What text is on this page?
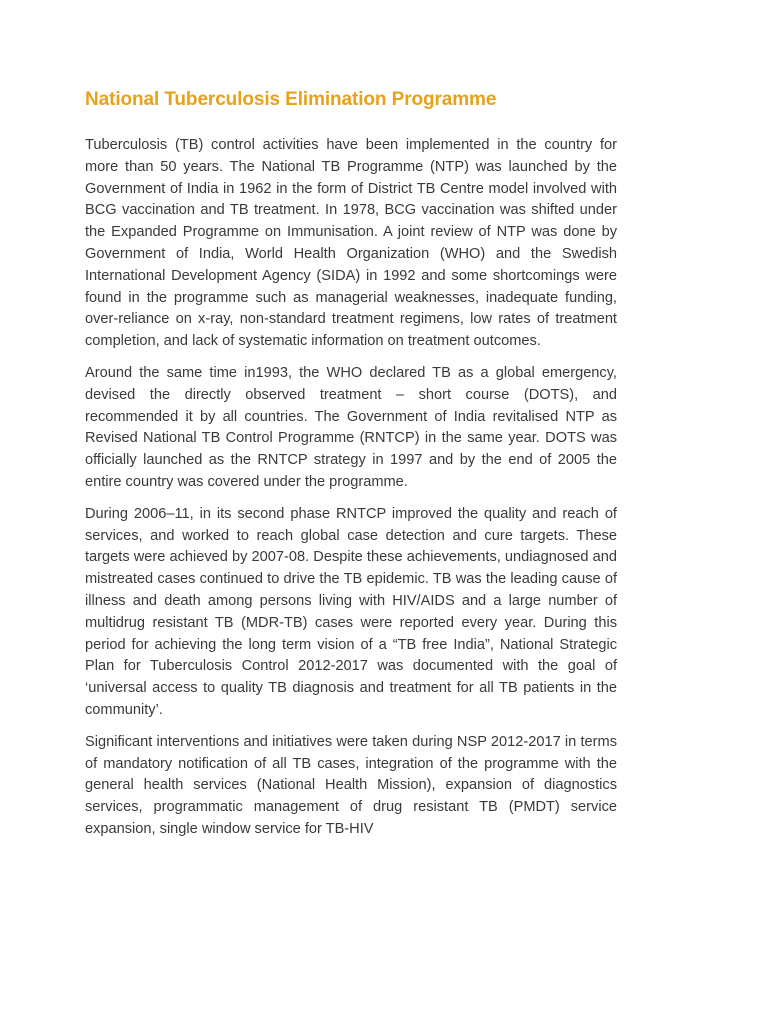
National Tuberculosis Elimination Programme

Tuberculosis (TB) control activities have been implemented in the country for more than 50 years. The National TB Programme (NTP) was launched by the Government of India in 1962 in the form of District TB Centre model involved with BCG vaccination and TB treatment. In 1978, BCG vaccination was shifted under the Expanded Programme on Immunisation. A joint review of NTP was done by Government of India, World Health Organization (WHO) and the Swedish International Development Agency (SIDA) in 1992 and some shortcomings were found in the programme such as managerial weaknesses, inadequate funding, over-reliance on x-ray, non-standard treatment regimens, low rates of treatment completion, and lack of systematic information on treatment outcomes.

Around the same time in1993, the WHO declared TB as a global emergency, devised the directly observed treatment – short course (DOTS), and recommended it by all countries. The Government of India revitalised NTP as Revised National TB Control Programme (RNTCP) in the same year. DOTS was officially launched as the RNTCP strategy in 1997 and by the end of 2005 the entire country was covered under the programme.

During 2006–11, in its second phase RNTCP improved the quality and reach of services, and worked to reach global case detection and cure targets. These targets were achieved by 2007-08. Despite these achievements, undiagnosed and mistreated cases continued to drive the TB epidemic. TB was the leading cause of illness and death among persons living with HIV/AIDS and a large number of multidrug resistant TB (MDR-TB) cases were reported every year. During this period for achieving the long term vision of a “TB free India”, National Strategic Plan for Tuberculosis Control 2012-2017 was documented with the goal of ‘universal access to quality TB diagnosis and treatment for all TB patients in the community’.

Significant interventions and initiatives were taken during NSP 2012-2017 in terms of mandatory notification of all TB cases, integration of the programme with the general health services (National Health Mission), expansion of diagnostics services, programmatic management of drug resistant TB (PMDT) service expansion, single window service for TB-HIV
